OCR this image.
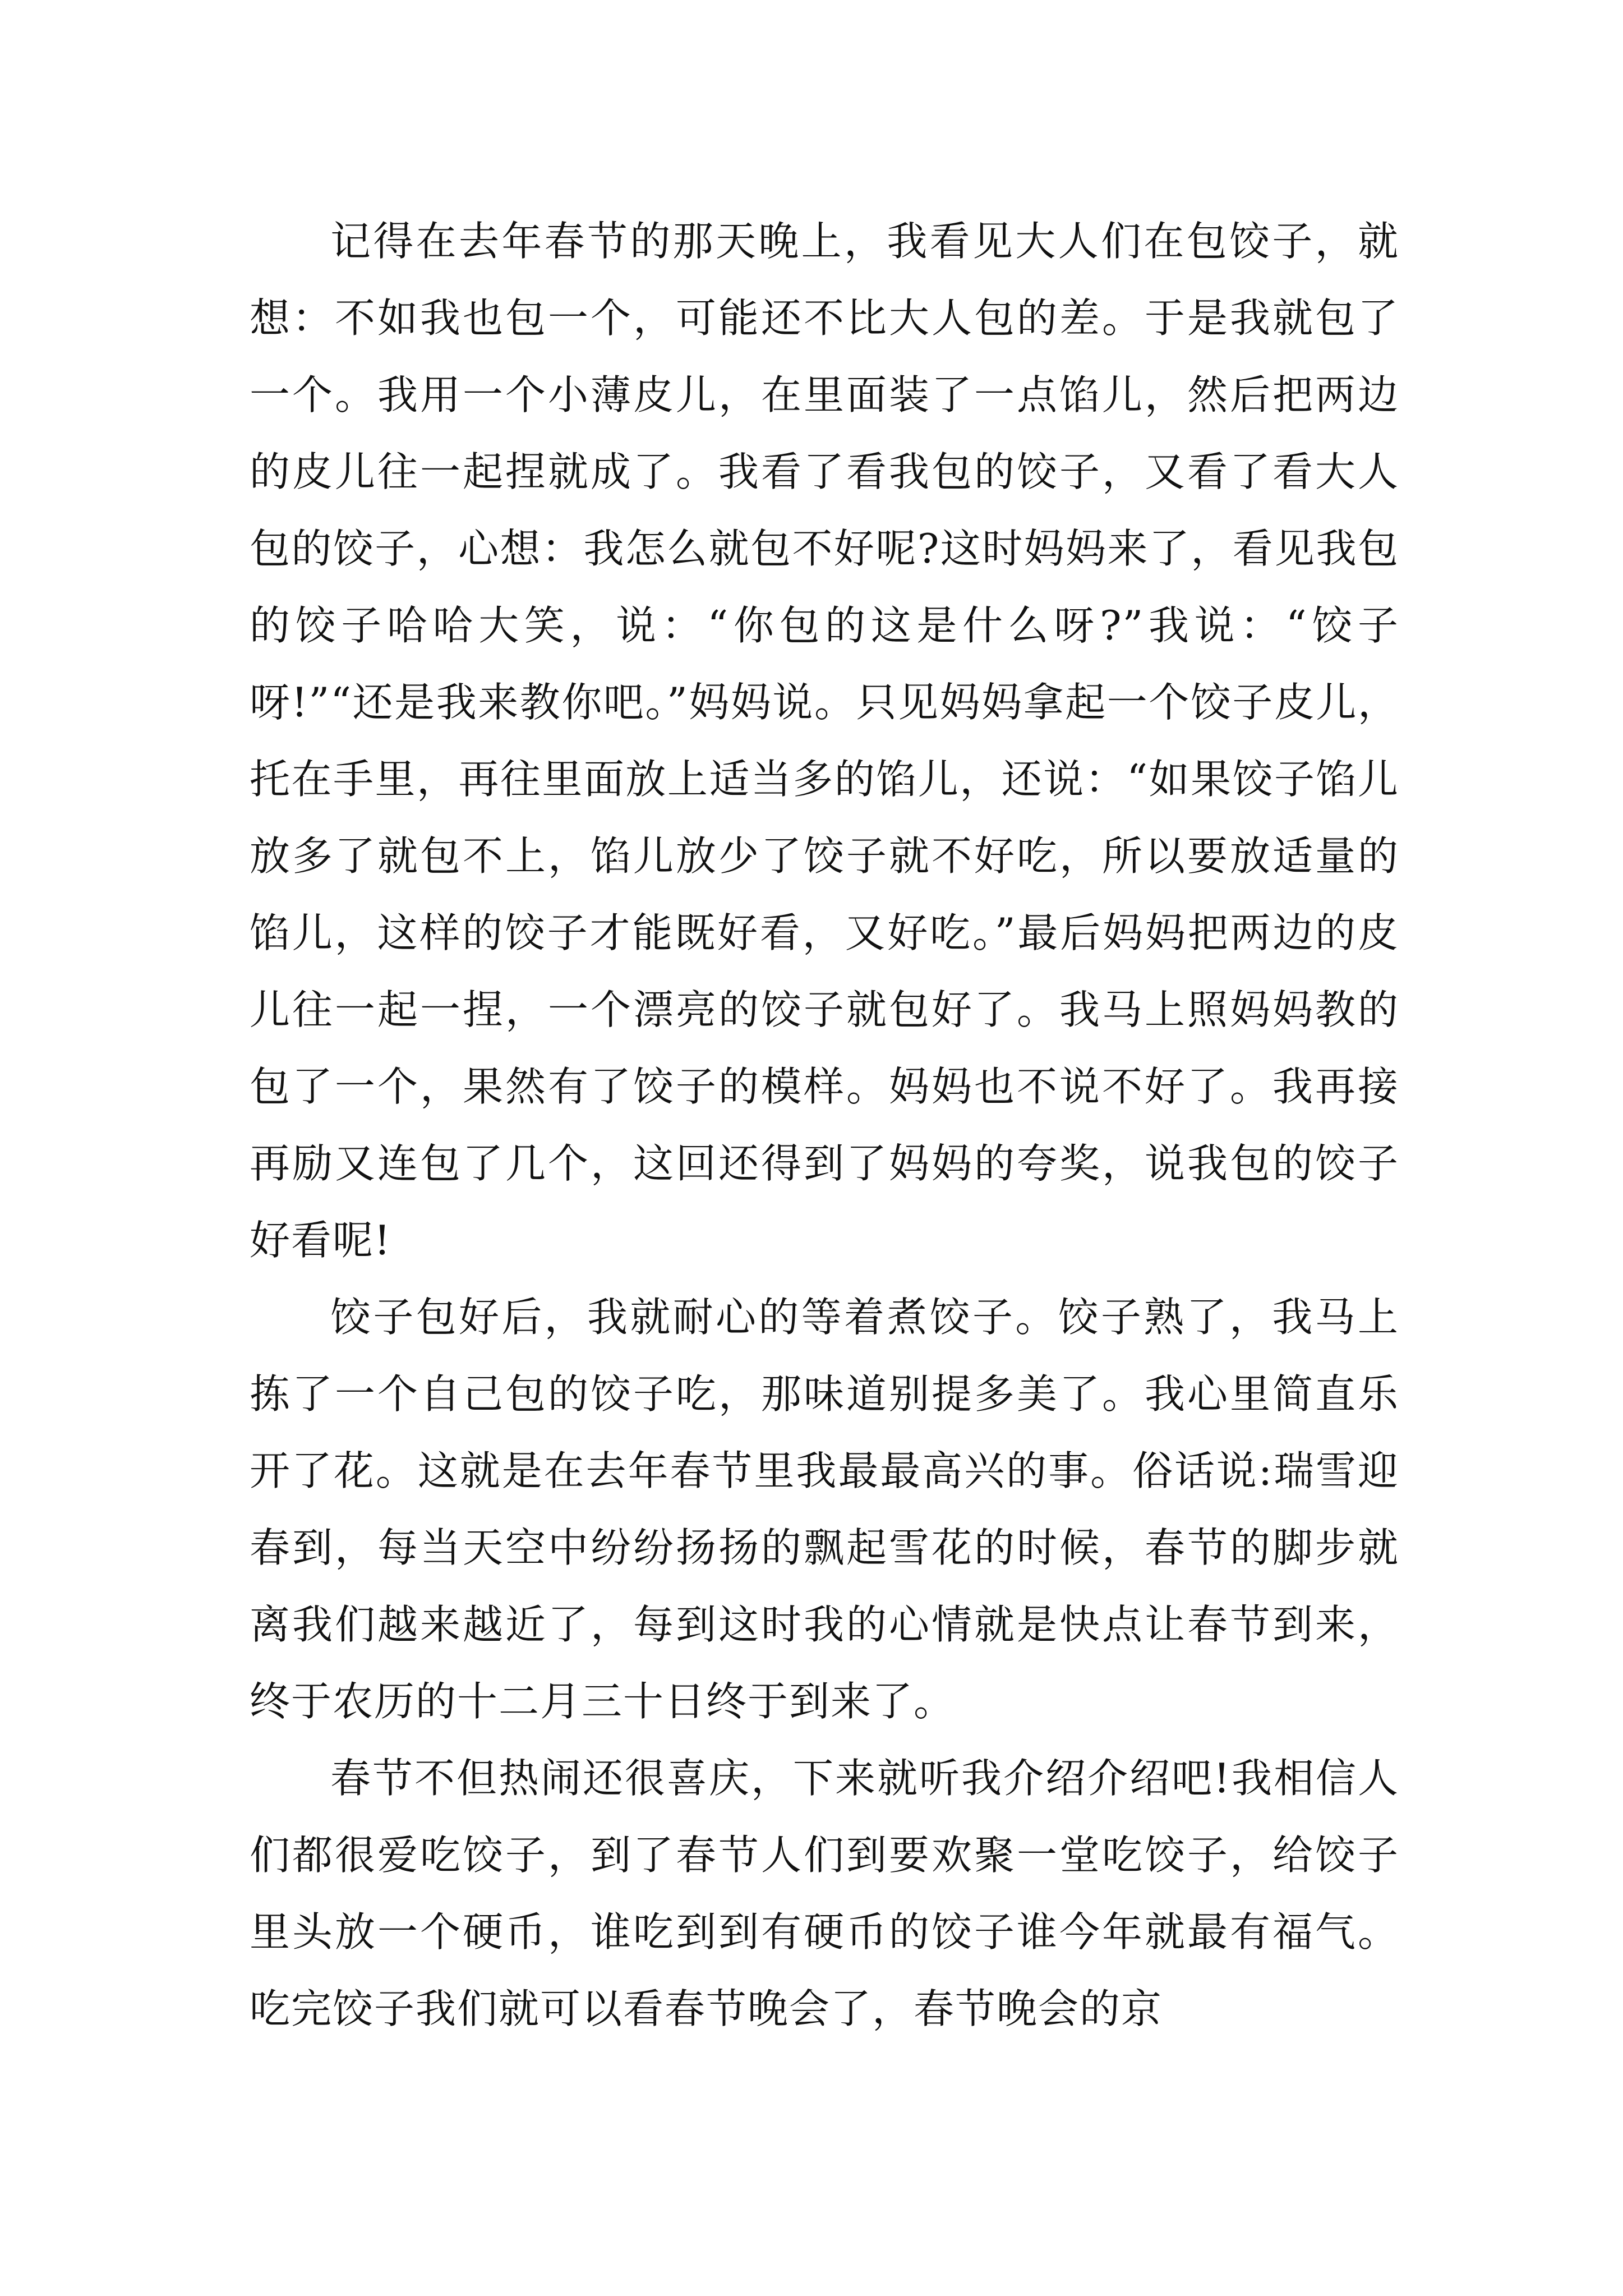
记得在去年春节的那天晚上，我看见大人们在包饺子，就想：不如我也包一个，可能还不比大人包的差。于是我就包了一个。我用一个小薄皮儿，在里面装了一点馅儿，然后把两边的皮儿往一起捏就成了。我看了看我包的饺子，又看了看大人包的饺子，心想：我怎么就包不好呢?这时妈妈来了，看见我包的饺子哈哈大笑，说：“你包的这是什么呀?”我说：“饺子呀!”“还是我来教你吧。”妈妈说。只见妈妈拿起一个饺子皮儿，托在手里，再往里面放上适当多的馅儿，还说：“如果饺子馅儿放多了就包不上，馅儿放少了饺子就不好吃，所以要放适量的馅儿，这样的饺子才能既好看，又好吃。”最后妈妈把两边的皮儿往一起一捏，一个漂亮的饺子就包好了。我马上照妈妈教的包了一个，果然有了饺子的模样。妈妈也不说不好了。我再接再励又连包了几个，这回还得到了妈妈的夸奖，说我包的饺子好看呢!

饺子包好后，我就耐心的等着煮饺子。饺子熟了，我马上拣了一个自己包的饺子吃，那味道别提多美了。我心里简直乐开了花。这就是在去年春节里我最最高兴的事。俗话说:瑞雪迎春到，每当天空中纷纷扬扬的飘起雪花的时候，春节的脚步就离我们越来越近了，每到这时我的心情就是快点让春节到来，终于农历的十二月三十日终于到来了。

春节不但热闹还很喜庆，下来就听我介绍介绍吧!我相信人们都很爱吃饺子，到了春节人们到要欢聚一堂吃饺子，给饺子里头放一个硬币，谁吃到到有硬币的饺子谁今年就最有福气。吃完饺子我们就可以看春节晚会了，春节晚会的京
